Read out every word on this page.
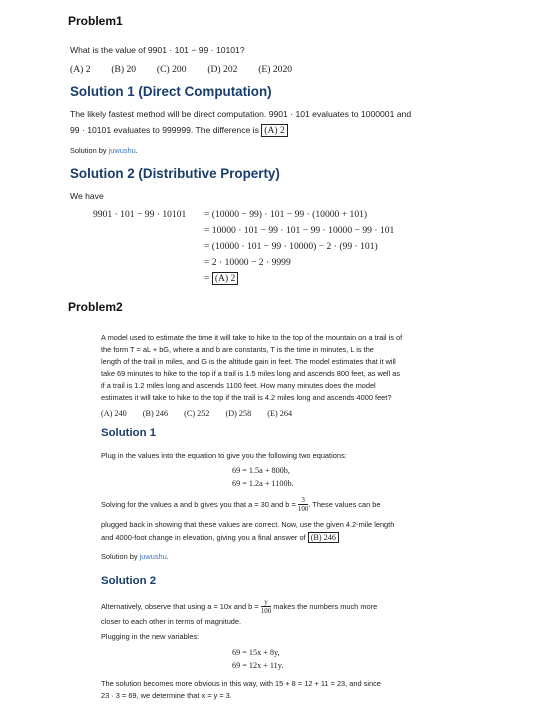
Problem1
What is the value of 9901 · 101 − 99 · 10101?
(A) 2 (B) 20 (C) 200 (D) 202 (E) 2020
Solution 1 (Direct Computation)
The likely fastest method will be direct computation. 9901 · 101 evaluates to 1000001 and
99 · 10101 evaluates to 999999. The difference is (A) 2
Solution by juwushu.
Solution 2 (Distributive Property)
We have
9901 · 101 − 99 · 10101 = (10000 − 99) · 101 − 99 · (10000 + 101)
= 10000 · 101 − 99 · 101 − 99 · 10000 − 99 · 101
= (10000 · 101 − 99 · 10000) − 2 · (99 · 101)
= 2 · 10000 − 2 · 9999
= (A) 2
Problem2
A model used to estimate the time it will take to hike to the top of the mountain on a trail is of
the form T = aL + bG, where a and b are constants, T is the time in minutes, L is the
length of the trail in miles, and G is the altitude gain in feet. The model estimates that it will
take 69 minutes to hike to the top if a trail is 1.5 miles long and ascends 800 feet, as well as
if a trail is 1.2 miles long and ascends 1100 feet. How many minutes does the model
estimates it will take to hike to the top if the trail is 4.2 miles long and ascends 4000 feet?
(A) 240 (B) 246 (C) 252 (D) 258 (E) 264
Solution 1
Plug in the values into the equation to give you the following two equations:
69 = 1.5a + 800b,
69 = 1.2a + 1100b.
Solving for the values a and b gives you that a = 30 and $b = \frac{3}{100}$ . These values can be
plugged back in showing that these values are correct. Now, use the given 4.2-mile length
and 4000-foot change in elevation, giving you a final answer of (B) 246
Solution by juwushu.
Solution 2
Alternatively, observe that using a = 10x and $b = \frac{y}{100}$ makes the numbers much more
closer to each other in terms of magnitude.
Plugging in the new variables:
69 = 15x + 8y,
69 = 12x + 11y.
The solution becomes more obvious in this way, with 15 + 8 = 12 + 11 = 23, and since
23 · 3 = 69, we determine that x = y = 3.
